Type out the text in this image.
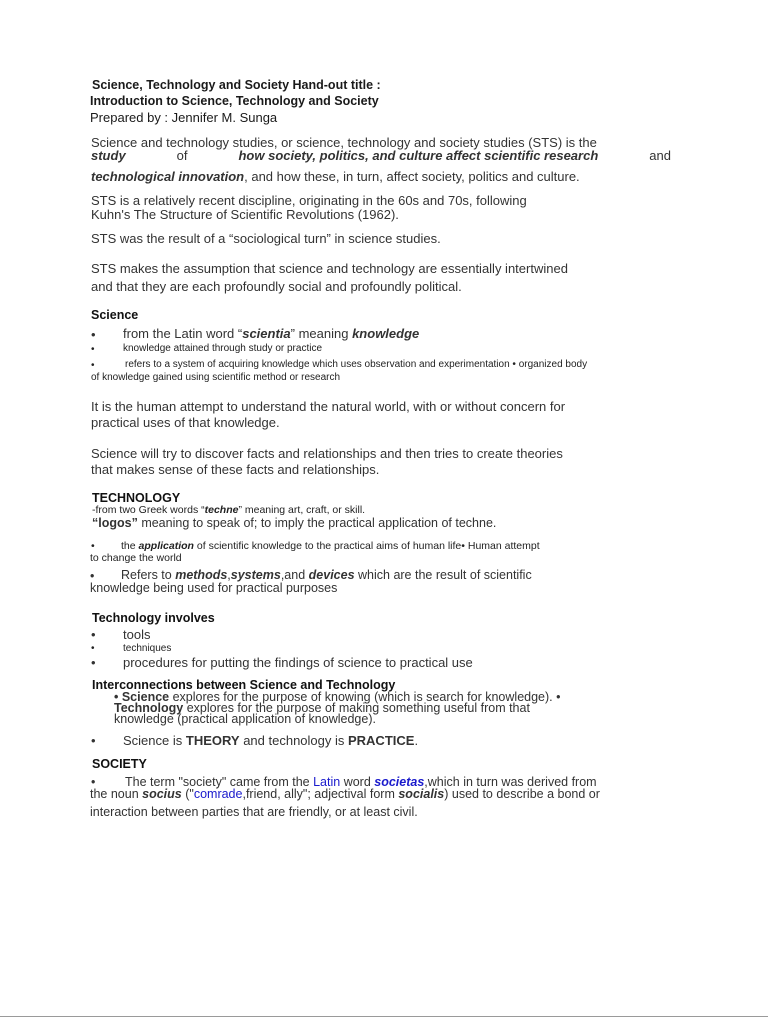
Science, Technology and Society Hand-out title :

Introduction to Science, Technology and Society

Prepared by : Jennifer M. Sunga

Science and technology studies, or science, technology and society studies (STS) is the

study	of	how society, politics, and culture affect scientific research	and

technological innovation, and how these, in turn, affect society, politics and culture.

STS is a relatively recent discipline, originating in the 60s and 70s, following

Kuhn's The Structure of Scientific Revolutions (1962).

STS was the result of a “sociological turn” in science studies.

STS makes the assumption that science and technology are essentially intertwined

and that they are each profoundly social and profoundly political.

Science

• from the Latin word “scientia” meaning knowledge

•	knowledge attained through study or practice

•	refers to a system of acquiring knowledge which uses observation and experimentation • organized body

of knowledge gained using scientific method or research

It is the human attempt to understand the natural world, with or without concern for

practical uses of that knowledge.

Science will try to discover facts and relationships and then tries to create theories

that makes sense of these facts and relationships.

TECHNOLOGY

-from two Greek words “techne” meaning art, craft, or skill.

“logos” meaning to speak of; to imply the practical application of techne.

•	the application of scientific knowledge to the practical aims of human life• Human attempt

to change the world

• Refers to methods,systems,and devices which are the result of scientific

knowledge being used for practical purposes

Technology involves

• tools

•	techniques

• procedures for putting the findings of science to practical use

Interconnections between Science and Technology

• Science explores for the purpose of knowing (which is search for knowledge). •

Technology explores for the purpose of making something useful from that

knowledge (practical application of knowledge).

• Science is THEORY and technology is PRACTICE.

SOCIETY

• The term "society" came from the Latin word societas,which in turn was derived from

the noun socius ("comrade,friend, ally"; adjectival form socialis) used to describe a bond or

interaction between parties that are friendly, or at least civil.
